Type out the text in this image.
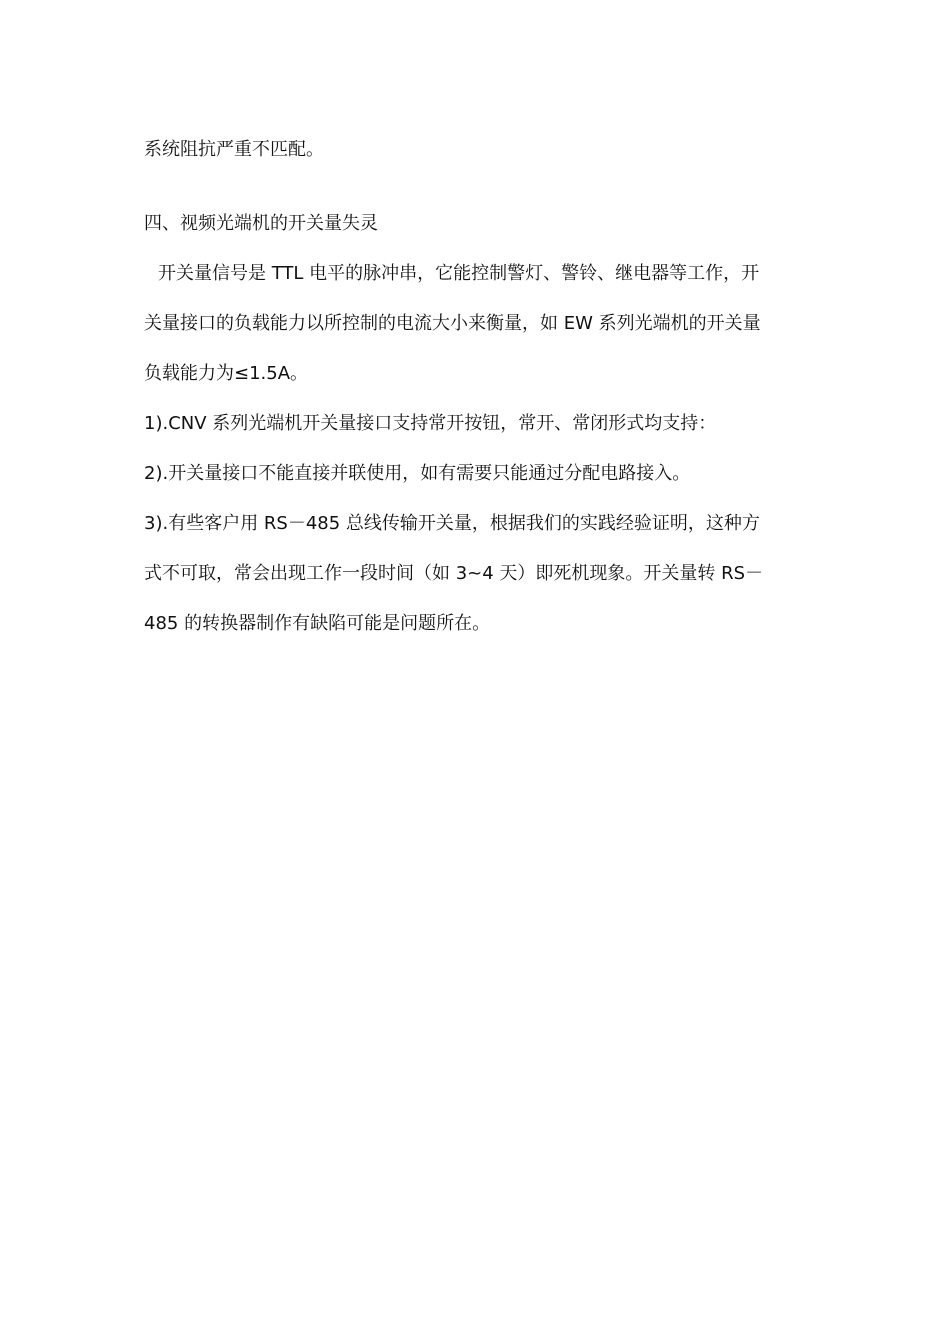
系统阻抗严重不匹配。
四、视频光端机的开关量失灵
开关量信号是 TTL 电平的脉冲串，它能控制警灯、警铃、继电器等工作，开
关量接口的负载能力以所控制的电流大小来衡量，如 EW 系列光端机的开关量
负载能力为≤1.5A。
1).CNV 系列光端机开关量接口支持常开按钮，常开、常闭形式均支持：
2).开关量接口不能直接并联使用，如有需要只能通过分配电路接入。
3).有些客户用 RS－485 总线传输开关量，根据我们的实践经验证明，这种方
式不可取，常会出现工作一段时间（如 3~4 天）即死机现象。开关量转 RS－
485 的转换器制作有缺陷可能是问题所在。
